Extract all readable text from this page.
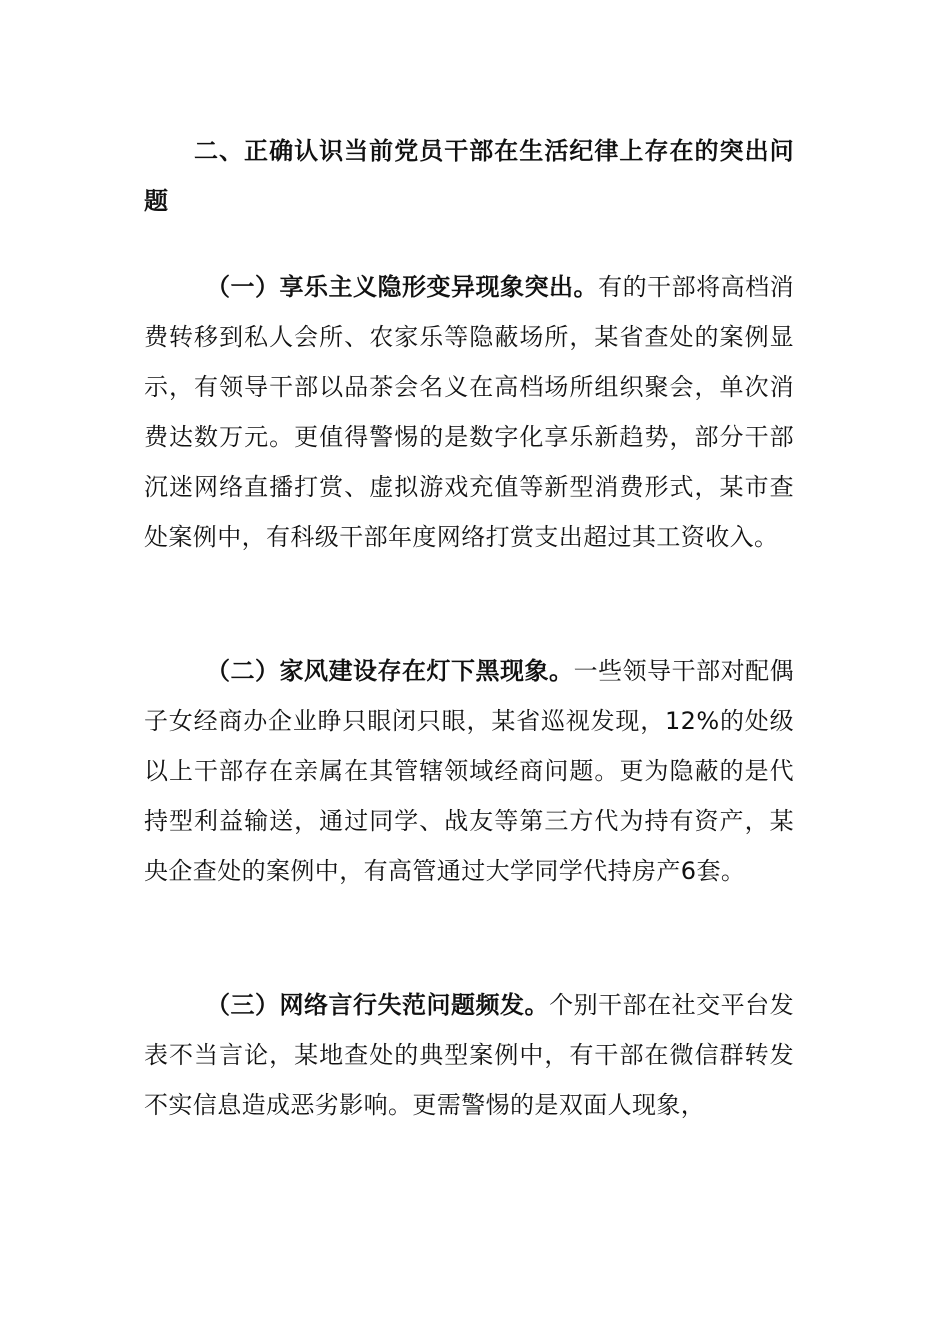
二、正确认识当前党员干部在生活纪律上存在的突出问题

（一）享乐主义隐形变异现象突出。有的干部将高档消费转移到私人会所、农家乐等隐蔽场所，某省查处的案例显示，有领导干部以品茶会名义在高档场所组织聚会，单次消费达数万元。更值得警惕的是数字化享乐新趋势，部分干部沉迷网络直播打赏、虚拟游戏充值等新型消费形式，某市查处案例中，有科级干部年度网络打赏支出超过其工资收入。

（二）家风建设存在灯下黑现象。一些领导干部对配偶子女经商办企业睁只眼闭只眼，某省巡视发现，12%的处级以上干部存在亲属在其管辖领域经商问题。更为隐蔽的是代持型利益输送，通过同学、战友等第三方代为持有资产，某央企查处的案例中，有高管通过大学同学代持房产6套。

（三）网络言行失范问题频发。个别干部在社交平台发表不当言论，某地查处的典型案例中，有干部在微信群转发不实信息造成恶劣影响。更需警惕的是双面人现象，
